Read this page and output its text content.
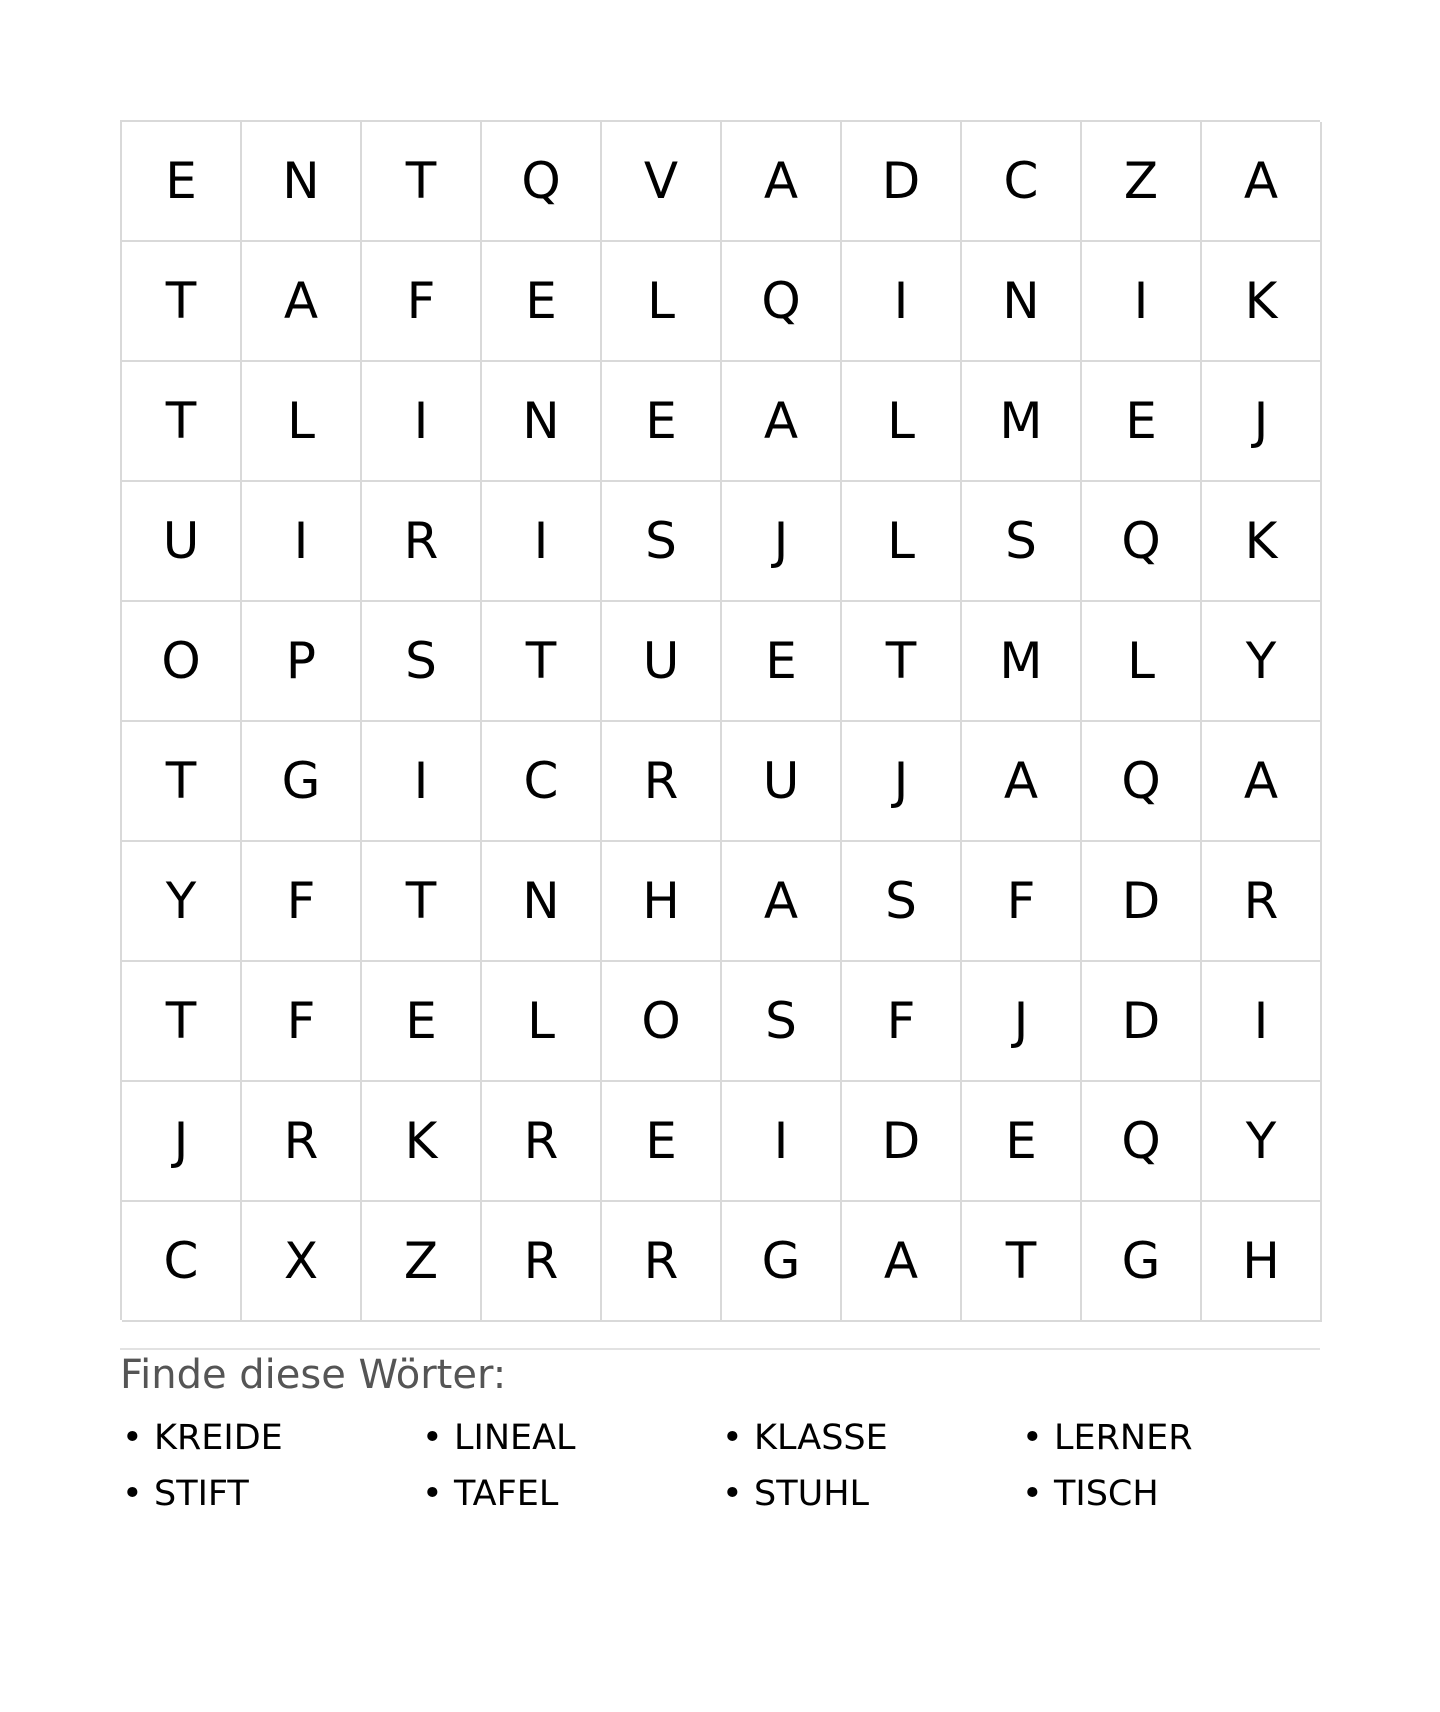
E	N	T	Q	V	A	D	C	Z	A
T	A	F	E	L	Q	I	N	I	K
T	L	I	N	E	A	L	M	E	J
U	I	R	I	S	J	L	S	Q	K
O	P	S	T	U	E	T	M	L	Y
T	G	I	C	R	U	J	A	Q	A
Y	F	T	N	H	A	S	F	D	R
T	F	E	L	O	S	F	J	D	I
J	R	K	R	E	I	D	E	Q	Y
C	X	Z	R	R	G	A	T	G	H
Finde diese Wörter:
• KREIDE	• LINEAL	• KLASSE	• LERNER
• STIFT	• TAFEL	• STUHL	• TISCH
